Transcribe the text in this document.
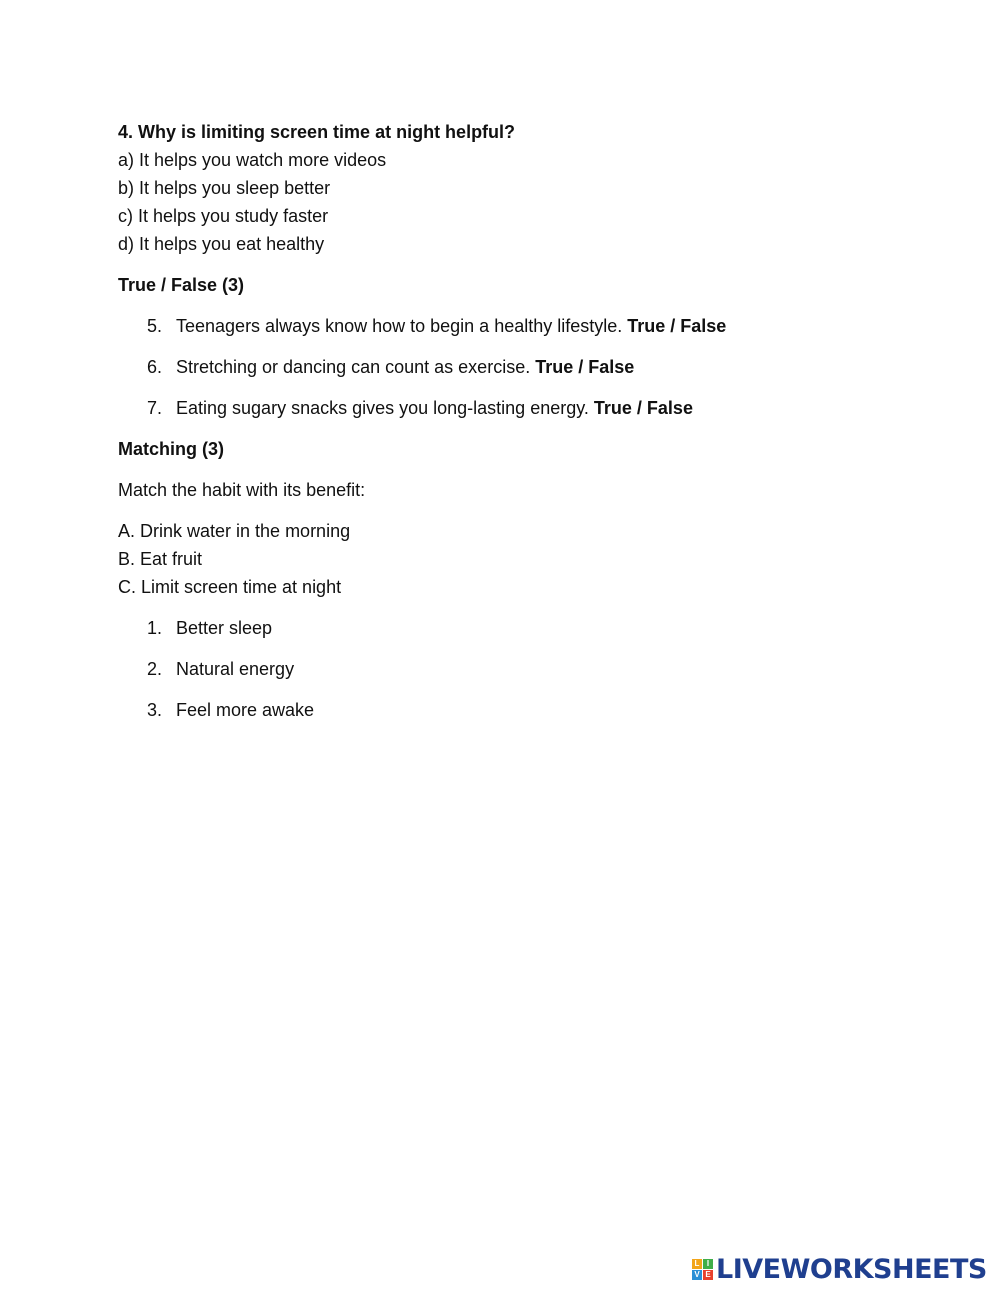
4. Why is limiting screen time at night helpful?

a) It helps you watch more videos

b) It helps you sleep better

c) It helps you study faster

d) It helps you eat healthy

True / False (3)

5. Teenagers always know how to begin a healthy lifestyle. True / False
6. Stretching or dancing can count as exercise. True / False
7. Eating sugary snacks gives you long-lasting energy. True / False

Matching (3)

Match the habit with its benefit:

A. Drink water in the morning

B. Eat fruit

C. Limit screen time at night

1. Better sleep
2. Natural energy
3. Feel more awake
L I
V E LIVEWORKSHEETS
